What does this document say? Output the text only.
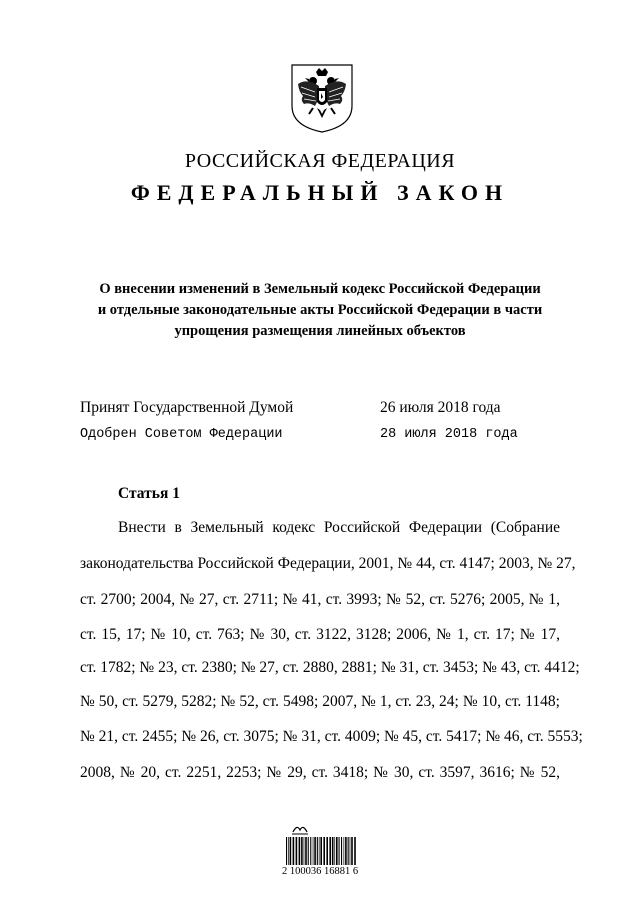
РОССИЙСКАЯ ФЕДЕРАЦИЯ
ФЕДЕРАЛЬНЫЙ ЗАКОН
О внесении изменений в Земельный кодекс Российской Федерации
и отдельные законодательные акты Российской Федерации в части
упрощения размещения линейных объектов
Принят Государственной Думой	26 июля 2018 года
Одобрен Советом Федерации	28 июля 2018 года
Статья 1
Внести в Земельный кодекс Российской Федерации (Собрание
законодательства Российской Федерации, 2001, № 44, ст. 4147; 2003, № 27,
ст. 2700; 2004, № 27, ст. 2711; № 41, ст. 3993; № 52, ст. 5276; 2005, № 1,
ст. 15, 17; № 10, ст. 763; № 30, ст. 3122, 3128; 2006, № 1, ст. 17; № 17,
ст. 1782; № 23, ст. 2380; № 27, ст. 2880, 2881; № 31, ст. 3453; № 43, ст. 4412;
№ 50, ст. 5279, 5282; № 52, ст. 5498; 2007, № 1, ст. 23, 24; № 10, ст. 1148;
№ 21, ст. 2455; № 26, ст. 3075; № 31, ст. 4009; № 45, ст. 5417; № 46, ст. 5553;
2008, № 20, ст. 2251, 2253; № 29, ст. 3418; № 30, ст. 3597, 3616; № 52,
2 100036 16881 6
